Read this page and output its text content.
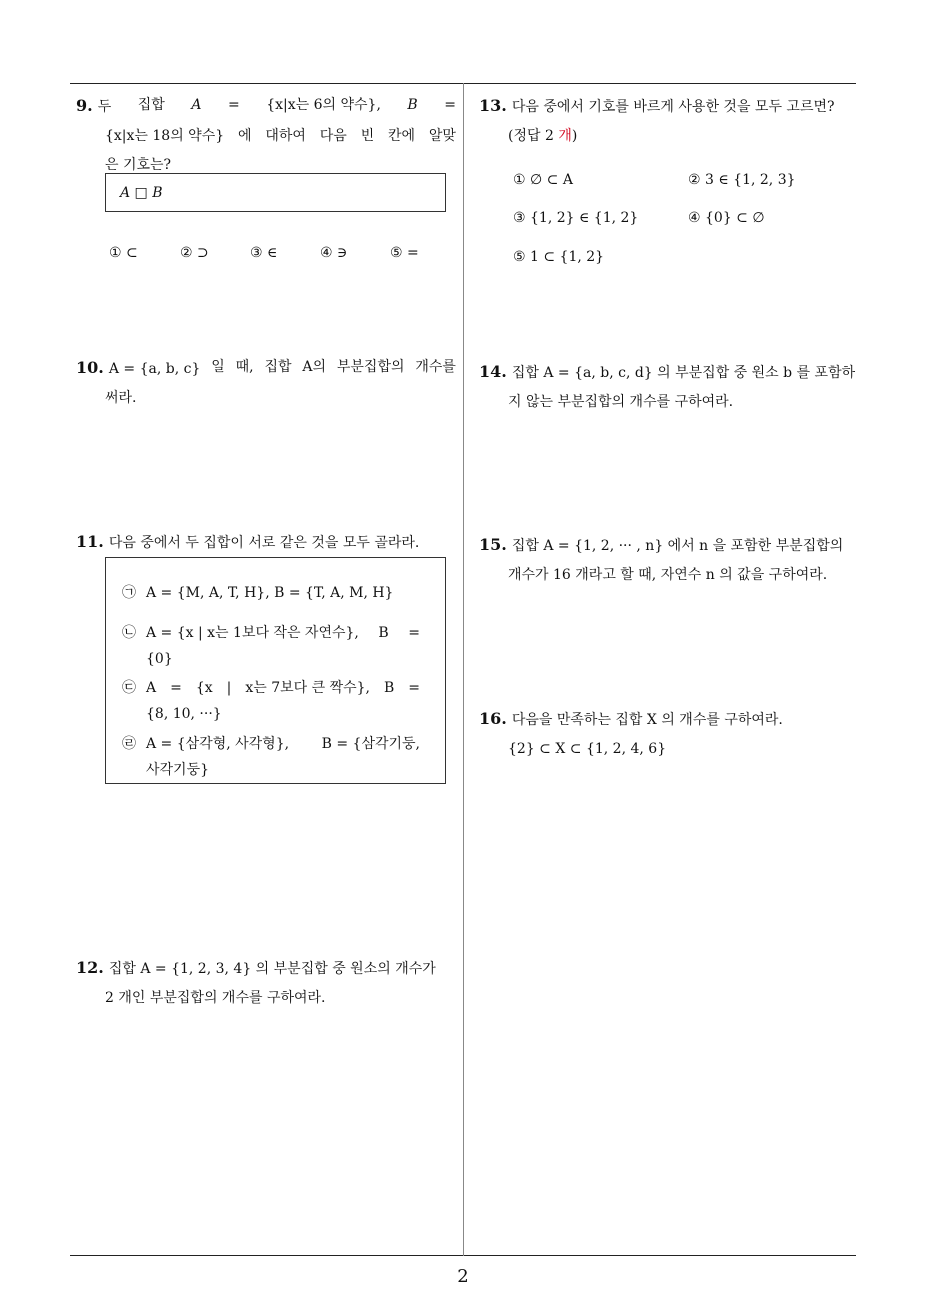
9. 두 집합 A = {x|x는 6의 약수}, B =
{x|x는 18의 약수} 에 대하여 다음 빈 칸에 알맞
은 기호는?
A □ B
① ⊂	② ⊃	③ ∈	④ ∋	⑤ =
10. A = {a, b, c} 일 때, 집합 A의 부분집합의 개수를
써라.
11. 다음 중에서 두 집합이 서로 같은 것을 모두 골라라.
㉠ A = {M, A, T, H}, B = {T, A, M, H}
㉡ A = {x | x는 1보다 작은 자연수}, B =
{0}
㉢ A = {x | x는 7보다 큰 짝수}, B =
{8, 10, ···}
㉣ A = {삼각형, 사각형}, B = {삼각기둥,
사각기둥}
12. 집합 A = {1, 2, 3, 4} 의 부분집합 중 원소의 개수가
2 개인 부분집합의 개수를 구하여라.
13. 다음 중에서 기호를 바르게 사용한 것을 모두 고르면?
(정답 2 개)
① ∅ ⊂ A	② 3 ∈ {1, 2, 3}
③ {1, 2} ∈ {1, 2}	④ {0} ⊂ ∅
⑤ 1 ⊂ {1, 2}
14. 집합 A = {a, b, c, d} 의 부분집합 중 원소 b 를 포함하
지 않는 부분집합의 개수를 구하여라.
15. 집합 A = {1, 2, ··· , n} 에서 n 을 포함한 부분집합의
개수가 16 개라고 할 때, 자연수 n 의 값을 구하여라.
16. 다음을 만족하는 집합 X 의 개수를 구하여라.
{2} ⊂ X ⊂ {1, 2, 4, 6}
2
